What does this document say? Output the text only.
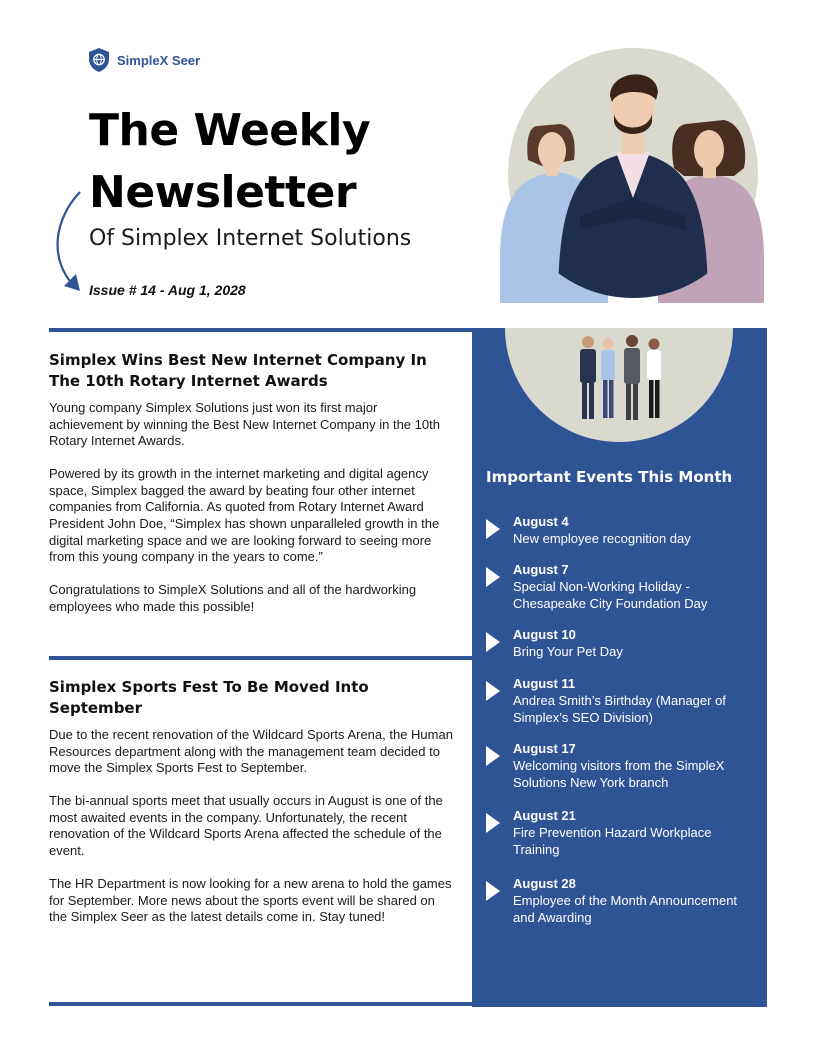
SimpleX Seer
The Weekly
Newsletter
Of Simplex Internet Solutions
Issue # 14 - Aug 1, 2028
Simplex Wins Best New Internet Company In The 10th Rotary Internet Awards

Young company Simplex Solutions just won its first major achievement by winning the Best New Internet Company in the 10th Rotary Internet Awards.

Powered by its growth in the internet marketing and digital agency space, Simplex bagged the award by beating four other internet companies from California. As quoted from Rotary Internet Award President John Doe, “Simplex has shown unparalleled growth in the digital marketing space and we are looking forward to seeing more from this young company in the years to come.”

Congratulations to SimpleX Solutions and all of the hardworking employees who made this possible!

Simplex Sports Fest To Be Moved Into September

Due to the recent renovation of the Wildcard Sports Arena, the Human Resources department along with the management team decided to move the Simplex Sports Fest to September.

The bi-annual sports meet that usually occurs in August is one of the most awaited events in the company. Unfortunately, the recent renovation of the Wildcard Sports Arena affected the schedule of the event.

The HR Department is now looking for a new arena to hold the games for September. More news about the sports event will be shared on the Simplex Seer as the latest details come in. Stay tuned!

Important Events This Month
August 4
New employee recognition day
August 7
Special Non-Working Holiday - Chesapeake City Foundation Day
August 10
Bring Your Pet Day
August 11
Andrea Smith’s Birthday (Manager of Simplex’s SEO Division)
August 17
Welcoming visitors from the SimpleX Solutions New York branch
August 21
Fire Prevention Hazard Workplace Training
August 28
Employee of the Month Announcement and Awarding
